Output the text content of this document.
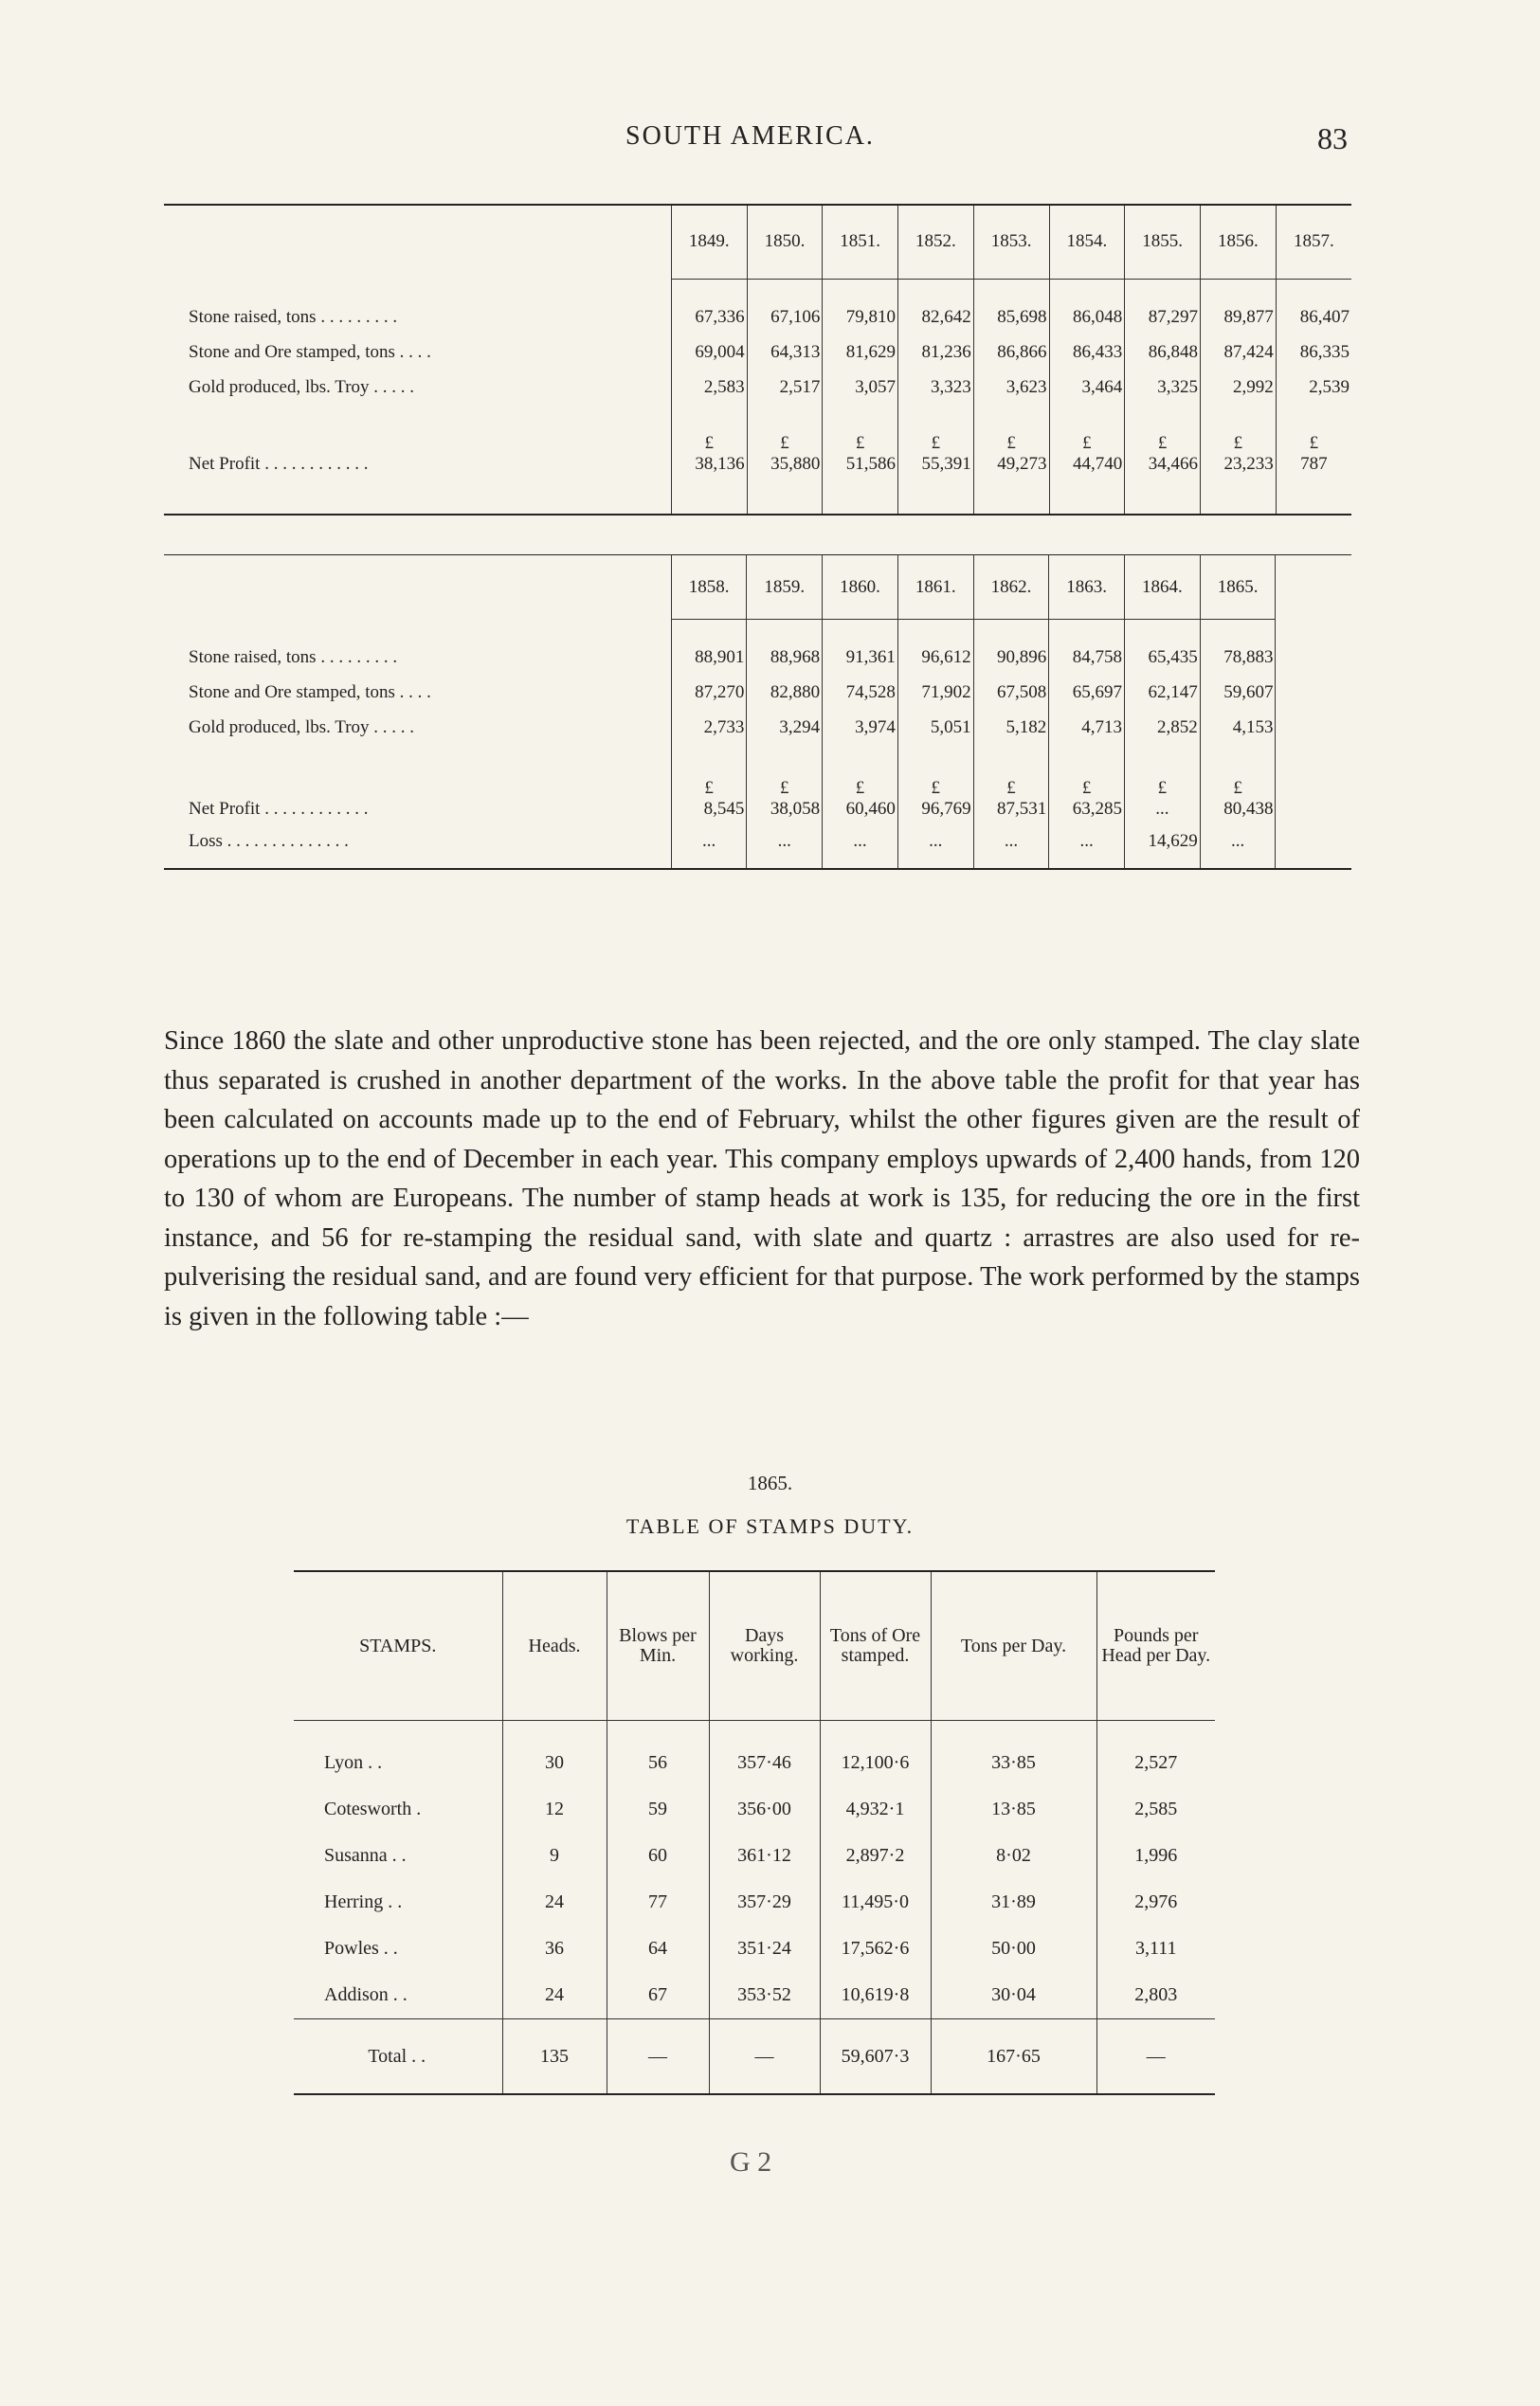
SOUTH AMERICA.	83
	1849.	1850.	1851.	1852.	1853.	1854.	1855.	1856.	1857.

Stone raised, tons . . . . . . . . .	67,336	67,106	79,810	82,642	85,698	86,048	87,297	89,877	86,407
Stone and Ore stamped, tons . . . .	69,004	64,313	81,629	81,236	86,866	86,433	86,848	87,424	86,335
Gold produced, lbs. Troy . . . . .	2,583	2,517	3,057	3,323	3,623	3,464	3,325	2,992	2,539
	£	£	£	£	£	£	£	£	£
Net Profit . . . . . . . . . . . .	38,136	35,880	51,586	55,391	49,273	44,740	34,466	23,233	787

	1858.	1859.	1860.	1861.	1862.	1863.	1864.	1865.	

Stone raised, tons . . . . . . . . .	88,901	88,968	91,361	96,612	90,896	84,758	65,435	78,883	
Stone and Ore stamped, tons . . . .	87,270	82,880	74,528	71,902	67,508	65,697	62,147	59,607	
Gold produced, lbs. Troy . . . . .	2,733	3,294	3,974	5,051	5,182	4,713	2,852	4,153	
	£	£	£	£	£	£	£	£	
Net Profit . . . . . . . . . . . .	8,545	38,058	60,460	96,769	87,531	63,285	...	80,438	
Loss . . . . . . . . . . . . . .	...	...	...	...	...	...	14,629	...	

Since 1860 the slate and other unproductive stone has been rejected, and the ore only stamped. The clay slate thus separated is crushed in another department of the works. In the above table the profit for that year has been calculated on accounts made up to the end of February, whilst the other figures given are the result of operations up to the end of December in each year. This company employs upwards of 2,400 hands, from 120 to 130 of whom are Europeans. The number of stamp heads at work is 135, for reducing the ore in the first instance, and 56 for re-stamping the residual sand, with slate and quartz : arrastres are also used for re-pulverising the residual sand, and are found very efficient for that purpose. The work performed by the stamps is given in the following table :—

1865.
TABLE OF STAMPS DUTY.
STAMPS.	Heads.	Blows per Min.	Days working.	Tons of Ore stamped.	Tons per Day.	Pounds per Head per Day.
Lyon . .	30	56	357·46	12,100·6	33·85	2,527
Cotesworth .	12	59	356·00	4,932·1	13·85	2,585
Susanna . .	9	60	361·12	2,897·2	8·02	1,996
Herring . .	24	77	357·29	11,495·0	31·89	2,976
Powles . .	36	64	351·24	17,562·6	50·00	3,111
Addison . .	24	67	353·52	10,619·8	30·04	2,803
Total . .	135	—	—	59,607·3	167·65	—
G 2
